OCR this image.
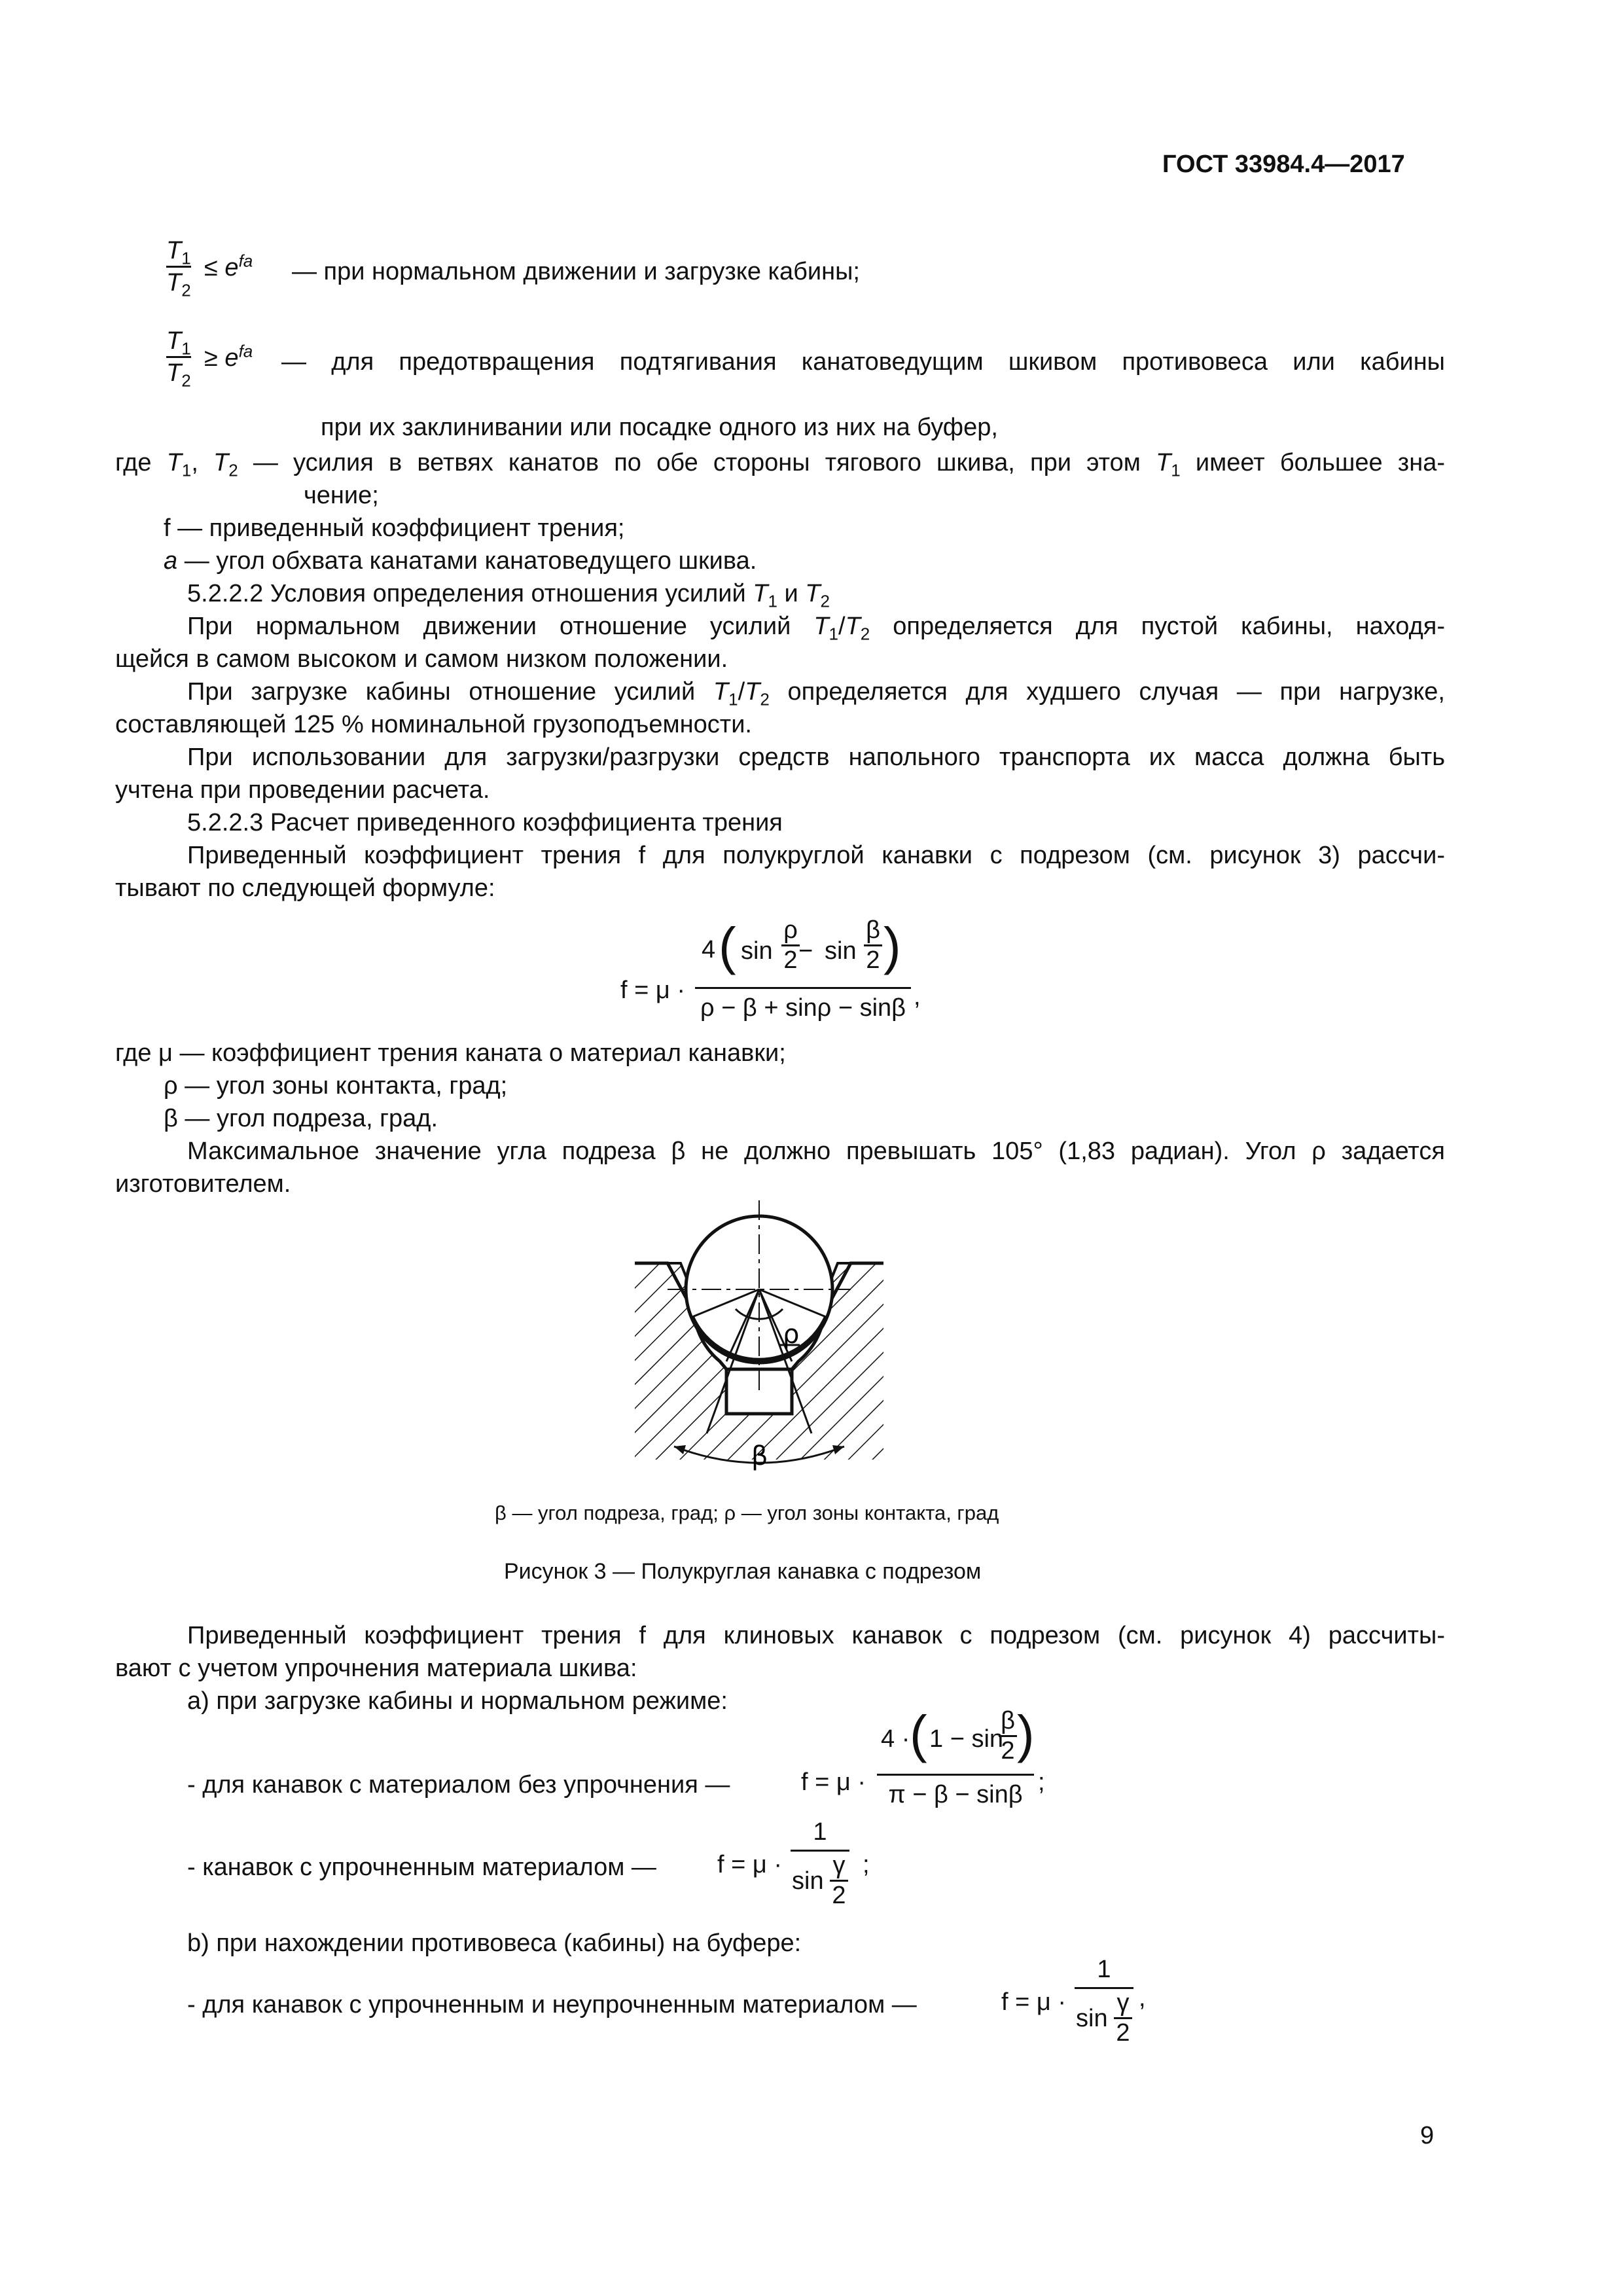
ГОСТ 33984.4—2017
$T_1$
$T_2$
≤ $e^{fa}$ — при нормальном движении и загрузке кабины;
$T_1$
$T_2$
≥ $e^{fa}$ — для предотвращения подтягивания канатоведущим шкивом противовеса или кабины
при их заклинивании или посадке одного из них на буфер,
где $T_1$, $T_2$ — усилия в ветвях канатов по обе стороны тягового шкива, при этом $T_1$ имеет большее зна-
чение;
f — приведенный коэффициент трения;
a — угол обхвата канатами канатоведущего шкива.
5.2.2.2 Условия определения отношения усилий $T_1$ и $T_2$
При нормальном движении отношение усилий $T_1/T_2$ определяется для пустой кабины, находя-
щейся в самом высоком и самом низком положении.
При загрузке кабины отношение усилий $T_1/T_2$ определяется для худшего случая — при нагрузке,
составляющей 125 % номинальной грузоподъемности.
При использовании для загрузки/разгрузки средств напольного транспорта их масса должна быть
учтена при проведении расчета.
5.2.2.3 Расчет приведенного коэффициента трения
Приведенный коэффициент трения f для полукруглой канавки с подрезом (см. рисунок 3) рассчи-
тывают по следующей формуле:
f = μ ·
4 ( sin
ρ
2 − sin
β
2 )
ρ − β + sinρ − sinβ ,
где μ — коэффициент трения каната о материал канавки;
ρ — угол зоны контакта, град;
β — угол подреза, град.
Максимальное значение угла подреза β не должно превышать 105° (1,83 радиан). Угол ρ задается
изготовителем.
ρ
β
β — угол подреза, град; ρ — угол зоны контакта, град
Рисунок 3 — Полукруглая канавка с подрезом
Приведенный коэффициент трения f для клиновых канавок с подрезом (см. рисунок 4) рассчиты-
вают с учетом упрочнения материала шкива:
a) при загрузке кабины и нормальном режиме:
- для канавок с материалом без упрочнения —	f = μ ·
4 · ( 1 − sin
β
2 )
π − β − sinβ ;
- канавок с упрочненным материалом — f = μ ·
1
sin
γ
2
;
b) при нахождении противовеса (кабины) на буфере:
- для канавок с упрочненным и неупрочненным материалом —	f = μ ·
1
sin
γ
2
,
9
